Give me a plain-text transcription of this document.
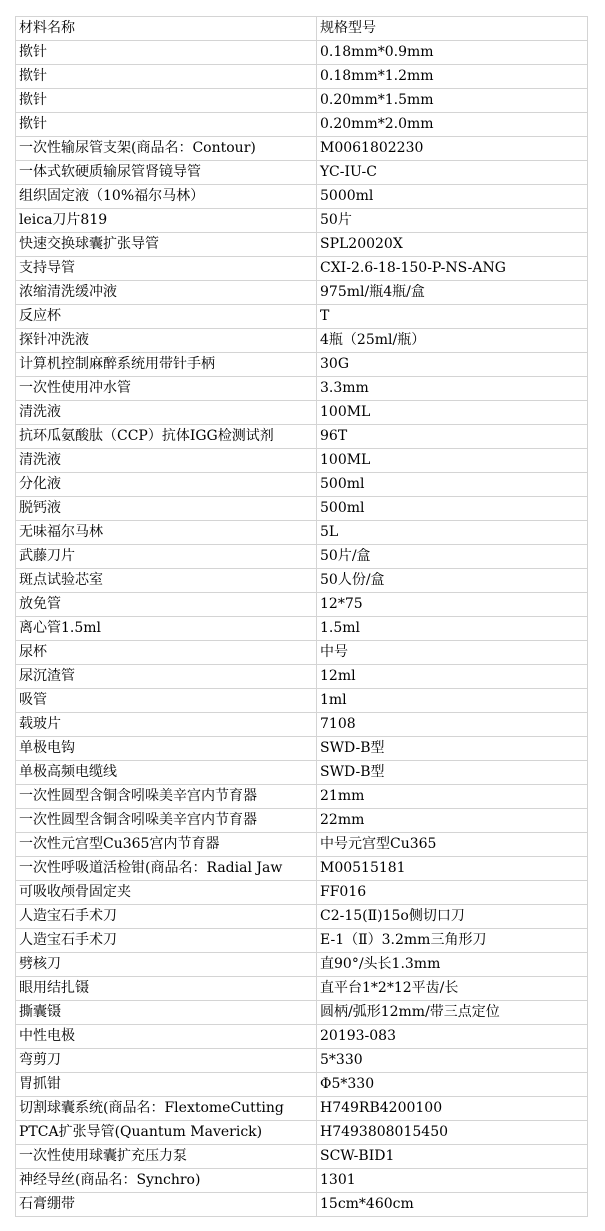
材料名称	规格型号
揿针	0.18mm*0.9mm
揿针	0.18mm*1.2mm
揿针	0.20mm*1.5mm
揿针	0.20mm*2.0mm
一次性输尿管支架(商品名：Contour)	M0061802230
一体式软硬质输尿管肾镜导管	YC-IU-C
组织固定液（10%福尔马林）	5000ml
leica刀片819	50片
快速交换球囊扩张导管	SPL20020X
支持导管	CXI-2.6-18-150-P-NS-ANG
浓缩清洗缓冲液	975ml/瓶4瓶/盒
反应杯	T
探针冲洗液	4瓶（25ml/瓶）
计算机控制麻醉系统用带针手柄	30G
一次性使用冲水管	3.3mm
清洗液	100ML
抗环瓜氨酸肽（CCP）抗体IGG检测试剂	96T
清洗液	100ML
分化液	500ml
脱钙液	500ml
无味福尔马林	5L
武藤刀片	50片/盒
斑点试验芯室	50人份/盒
放免管	12*75
离心管1.5ml	1.5ml
尿杯	中号
尿沉渣管	12ml
吸管	1ml
载玻片	7108
单极电钩	SWD-B型
单极高频电缆线	SWD-B型
一次性圆型含铜含吲哚美辛宫内节育器	21mm
一次性圆型含铜含吲哚美辛宫内节育器	22mm
一次性元宫型Cu365宫内节育器	中号元宫型Cu365
一次性呼吸道活检钳(商品名：Radial Jaw	M00515181
可吸收颅骨固定夹	FF016
人造宝石手术刀	C2-15(Ⅱ)15o侧切口刀
人造宝石手术刀	E-1（Ⅱ）3.2mm三角形刀
劈核刀	直90°/头长1.3mm
眼用结扎镊	直平台1*2*12平齿/长
撕囊镊	圆柄/弧形12mm/带三点定位
中性电极	20193-083
弯剪刀	5*330
胃抓钳	Φ5*330
切割球囊系统(商品名：FlextomeCutting	H749RB4200100
PTCA扩张导管(Quantum Maverick)	H7493808015450
一次性使用球囊扩充压力泵	SCW-BID1
神经导丝(商品名：Synchro)	1301
石膏绷带	15cm*460cm
